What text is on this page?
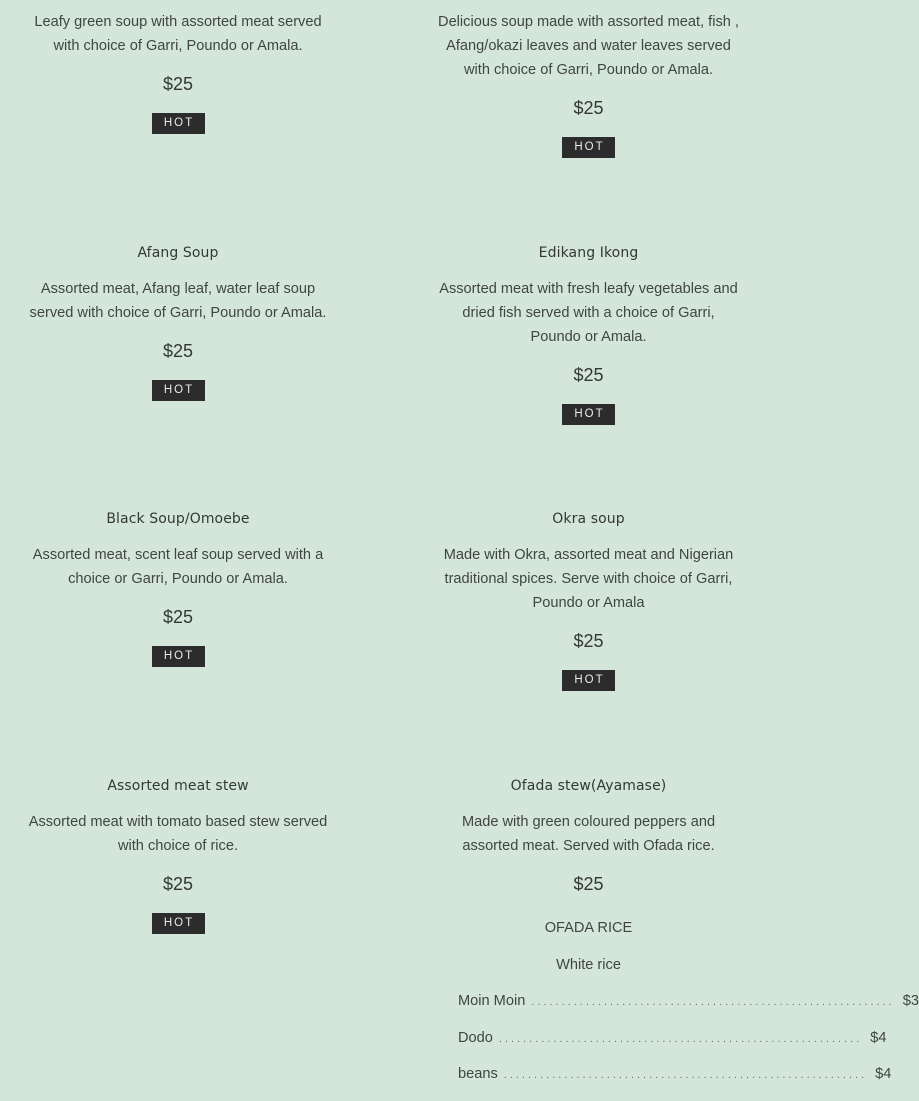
Leafy green soup with assorted meat served with choice of Garri, Poundo or Amala.
$25
HOT
Afang Soup
Assorted meat, Afang leaf, water leaf soup served with choice of Garri, Poundo or Amala.
$25
HOT
Black Soup/Omoebe
Assorted meat, scent leaf soup served with a choice or Garri, Poundo or Amala.
$25
HOT
Assorted meat stew
Assorted meat with tomato based stew served with choice of rice.
$25
HOT
Delicious soup made with assorted meat, fish , Afang/okazi leaves and water leaves served with choice of Garri, Poundo or Amala.
$25
HOT
Edikang Ikong
Assorted meat with fresh leafy vegetables and dried fish served with a choice of Garri, Poundo or Amala.
$25
HOT
Okra soup
Made with Okra, assorted meat and Nigerian traditional spices. Serve with choice of Garri, Poundo or Amala
$25
HOT
Ofada stew(Ayamase)
Made with green coloured peppers and assorted meat. Served with Ofada rice.
$25
OFADA RICE
White rice
Moin Moin ............................................................ $3
Dodo ............................................................ $4
beans ............................................................ $4
